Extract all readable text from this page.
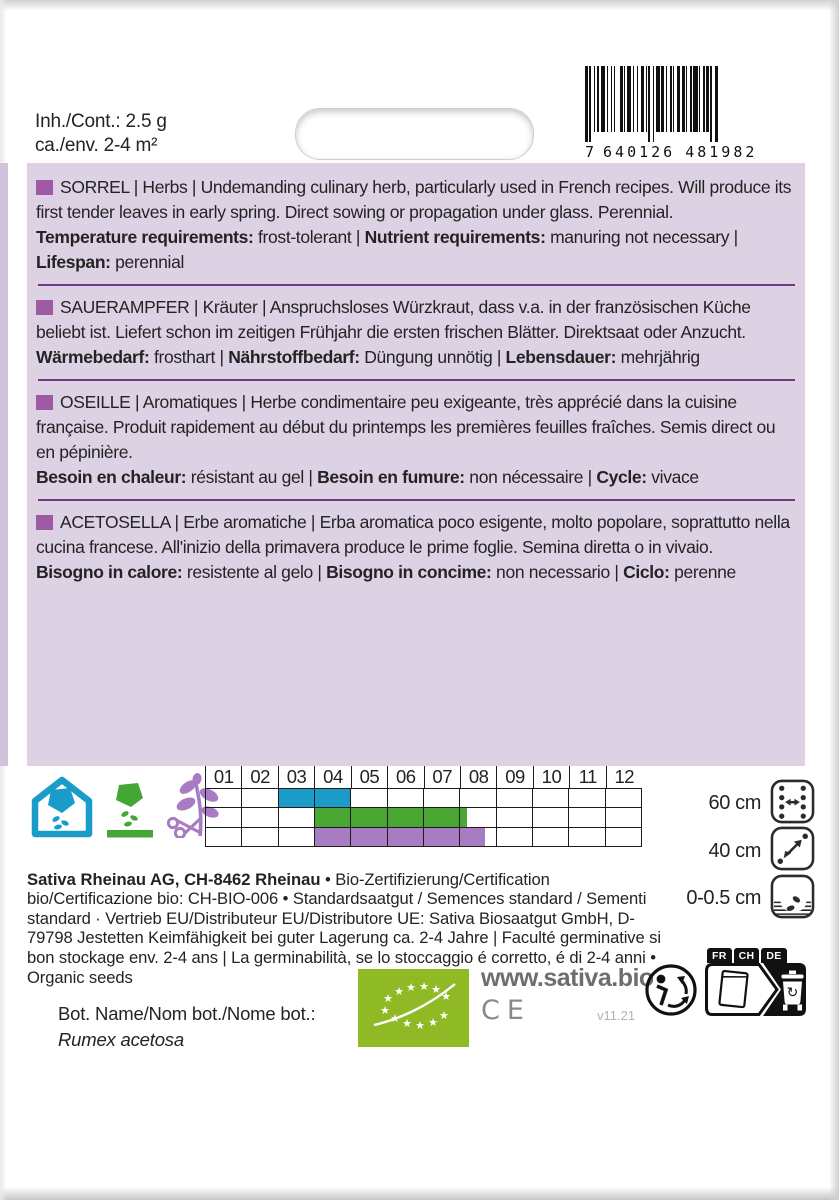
Inh./Cont.: 2.5 g
ca./env. 2-4 m²	7 640126 481982

SORREL | Herbs | Undemanding culinary herb, particularly used in French recipes. Will produce its first tender leaves in early spring. Direct sowing or propagation under glass. Perennial.

Temperature requirements: frost-tolerant | Nutrient requirements: manuring not necessary | Lifespan: perennial

SAUERAMPFER | Kräuter | Anspruchsloses Würzkraut, dass v.a. in der französischen Küche beliebt ist. Liefert schon im zeitigen Frühjahr die ersten frischen Blätter. Direktsaat oder Anzucht.

Wärmebedarf: frosthart | Nährstoffbedarf: Düngung unnötig | Lebensdauer: mehrjährig

OSEILLE | Aromatiques | Herbe condimentaire peu exigeante, très apprécié dans la cuisine française. Produit rapidement au début du printemps les premières feuilles fraîches. Semis direct ou en pépinière.

Besoin en chaleur: résistant au gel | Besoin en fumure: non nécessaire | Cycle: vivace

ACETOSELLA | Erbe aromatiche | Erba aromatica poco esigente, molto popolare, soprattutto nella cucina francese. All'inizio della primavera produce le prime foglie. Semina diretta o in vivaio.

Bisogno in calore: resistente al gelo | Bisogno in concime: non necessario | Ciclo: perenne

01 02 03 04 05 06 07 08 09 10 11 12
60 cm
40 cm
0-0.5 cm

Sativa Rheinau AG, CH-8462 Rheinau • Bio-Zertifizierung/Certification bio/Certificazione bio: CH-BIO-006 • Standardsaatgut / Semences standard / Sementi standard · Vertrieb EU/Distributeur EU/Distributore UE: Sativa Biosaatgut GmbH, D-79798 Jestetten Keimfähigkeit bei guter Lagerung ca. 2-4 Jahre | Faculté germinative si bon stockage env. 2-4 ans | La germinabilità, se lo stoccaggio é corretto, é di 2-4 anni • Organic seeds

Bot. Name/Nom bot./Nome bot.:
Rumex acetosa
★
★ ★ ★ ★
★
★
★ ★ ★ ★
★
www.sativa.bio
CE	v11.21
FR	CH	DE
↻
